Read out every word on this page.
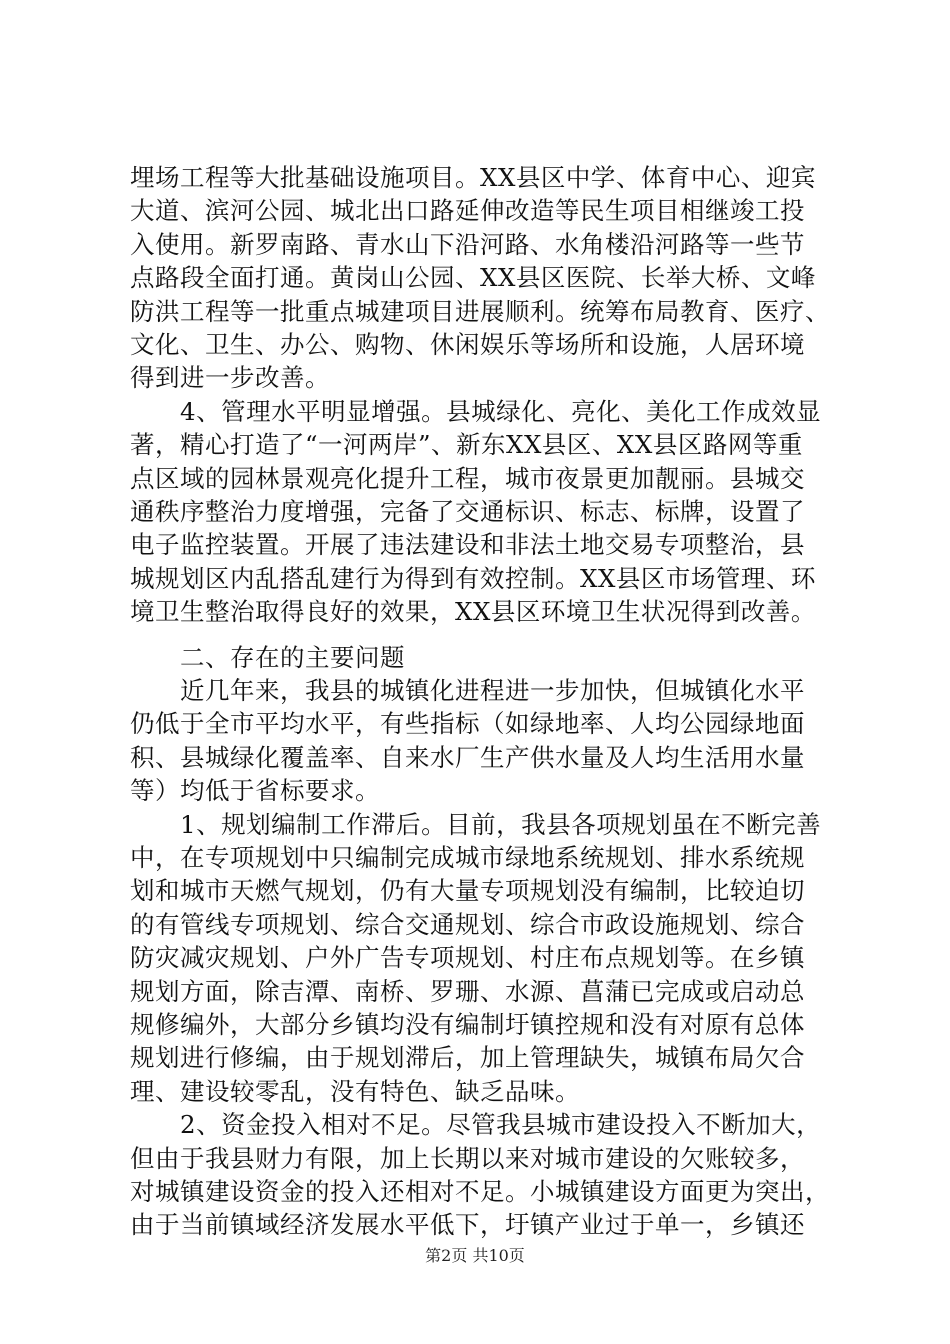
埋场工程等大批基础设施项目。XX县区中学、体育中心、迎宾
大道、滨河公园、城北出口路延伸改造等民生项目相继竣工投
入使用。新罗南路、青水山下沿河路、水角楼沿河路等一些节
点路段全面打通。黄岗山公园、XX县区医院、长举大桥、文峰
防洪工程等一批重点城建项目进展顺利。统筹布局教育、医疗、
文化、卫生、办公、购物、休闲娱乐等场所和设施，人居环境
得到进一步改善。
　　4、管理水平明显增强。县城绿化、亮化、美化工作成效显
著，精心打造了“一河两岸”、新东XX县区、XX县区路网等重
点区域的园林景观亮化提升工程，城市夜景更加靓丽。县城交
通秩序整治力度增强，完备了交通标识、标志、标牌，设置了
电子监控装置。开展了违法建设和非法土地交易专项整治，县
城规划区内乱搭乱建行为得到有效控制。XX县区市场管理、环
境卫生整治取得良好的效果，XX县区环境卫生状况得到改善。
　　二、存在的主要问题
　　近几年来，我县的城镇化进程进一步加快，但城镇化水平
仍低于全市平均水平，有些指标（如绿地率、人均公园绿地面
积、县城绿化覆盖率、自来水厂生产供水量及人均生活用水量
等）均低于省标要求。
　　1、规划编制工作滞后。目前，我县各项规划虽在不断完善
中，在专项规划中只编制完成城市绿地系统规划、排水系统规
划和城市天燃气规划，仍有大量专项规划没有编制，比较迫切
的有管线专项规划、综合交通规划、综合市政设施规划、综合
防灾减灾规划、户外广告专项规划、村庄布点规划等。在乡镇
规划方面，除吉潭、南桥、罗珊、水源、菖蒲已完成或启动总
规修编外，大部分乡镇均没有编制圩镇控规和没有对原有总体
规划进行修编，由于规划滞后，加上管理缺失，城镇布局欠合
理、建设较零乱，没有特色、缺乏品味。
　　2、资金投入相对不足。尽管我县城市建设投入不断加大，
但由于我县财力有限，加上长期以来对城市建设的欠账较多，
对城镇建设资金的投入还相对不足。小城镇建设方面更为突出，
由于当前镇域经济发展水平低下，圩镇产业过于单一，乡镇还
第2页 共10页
